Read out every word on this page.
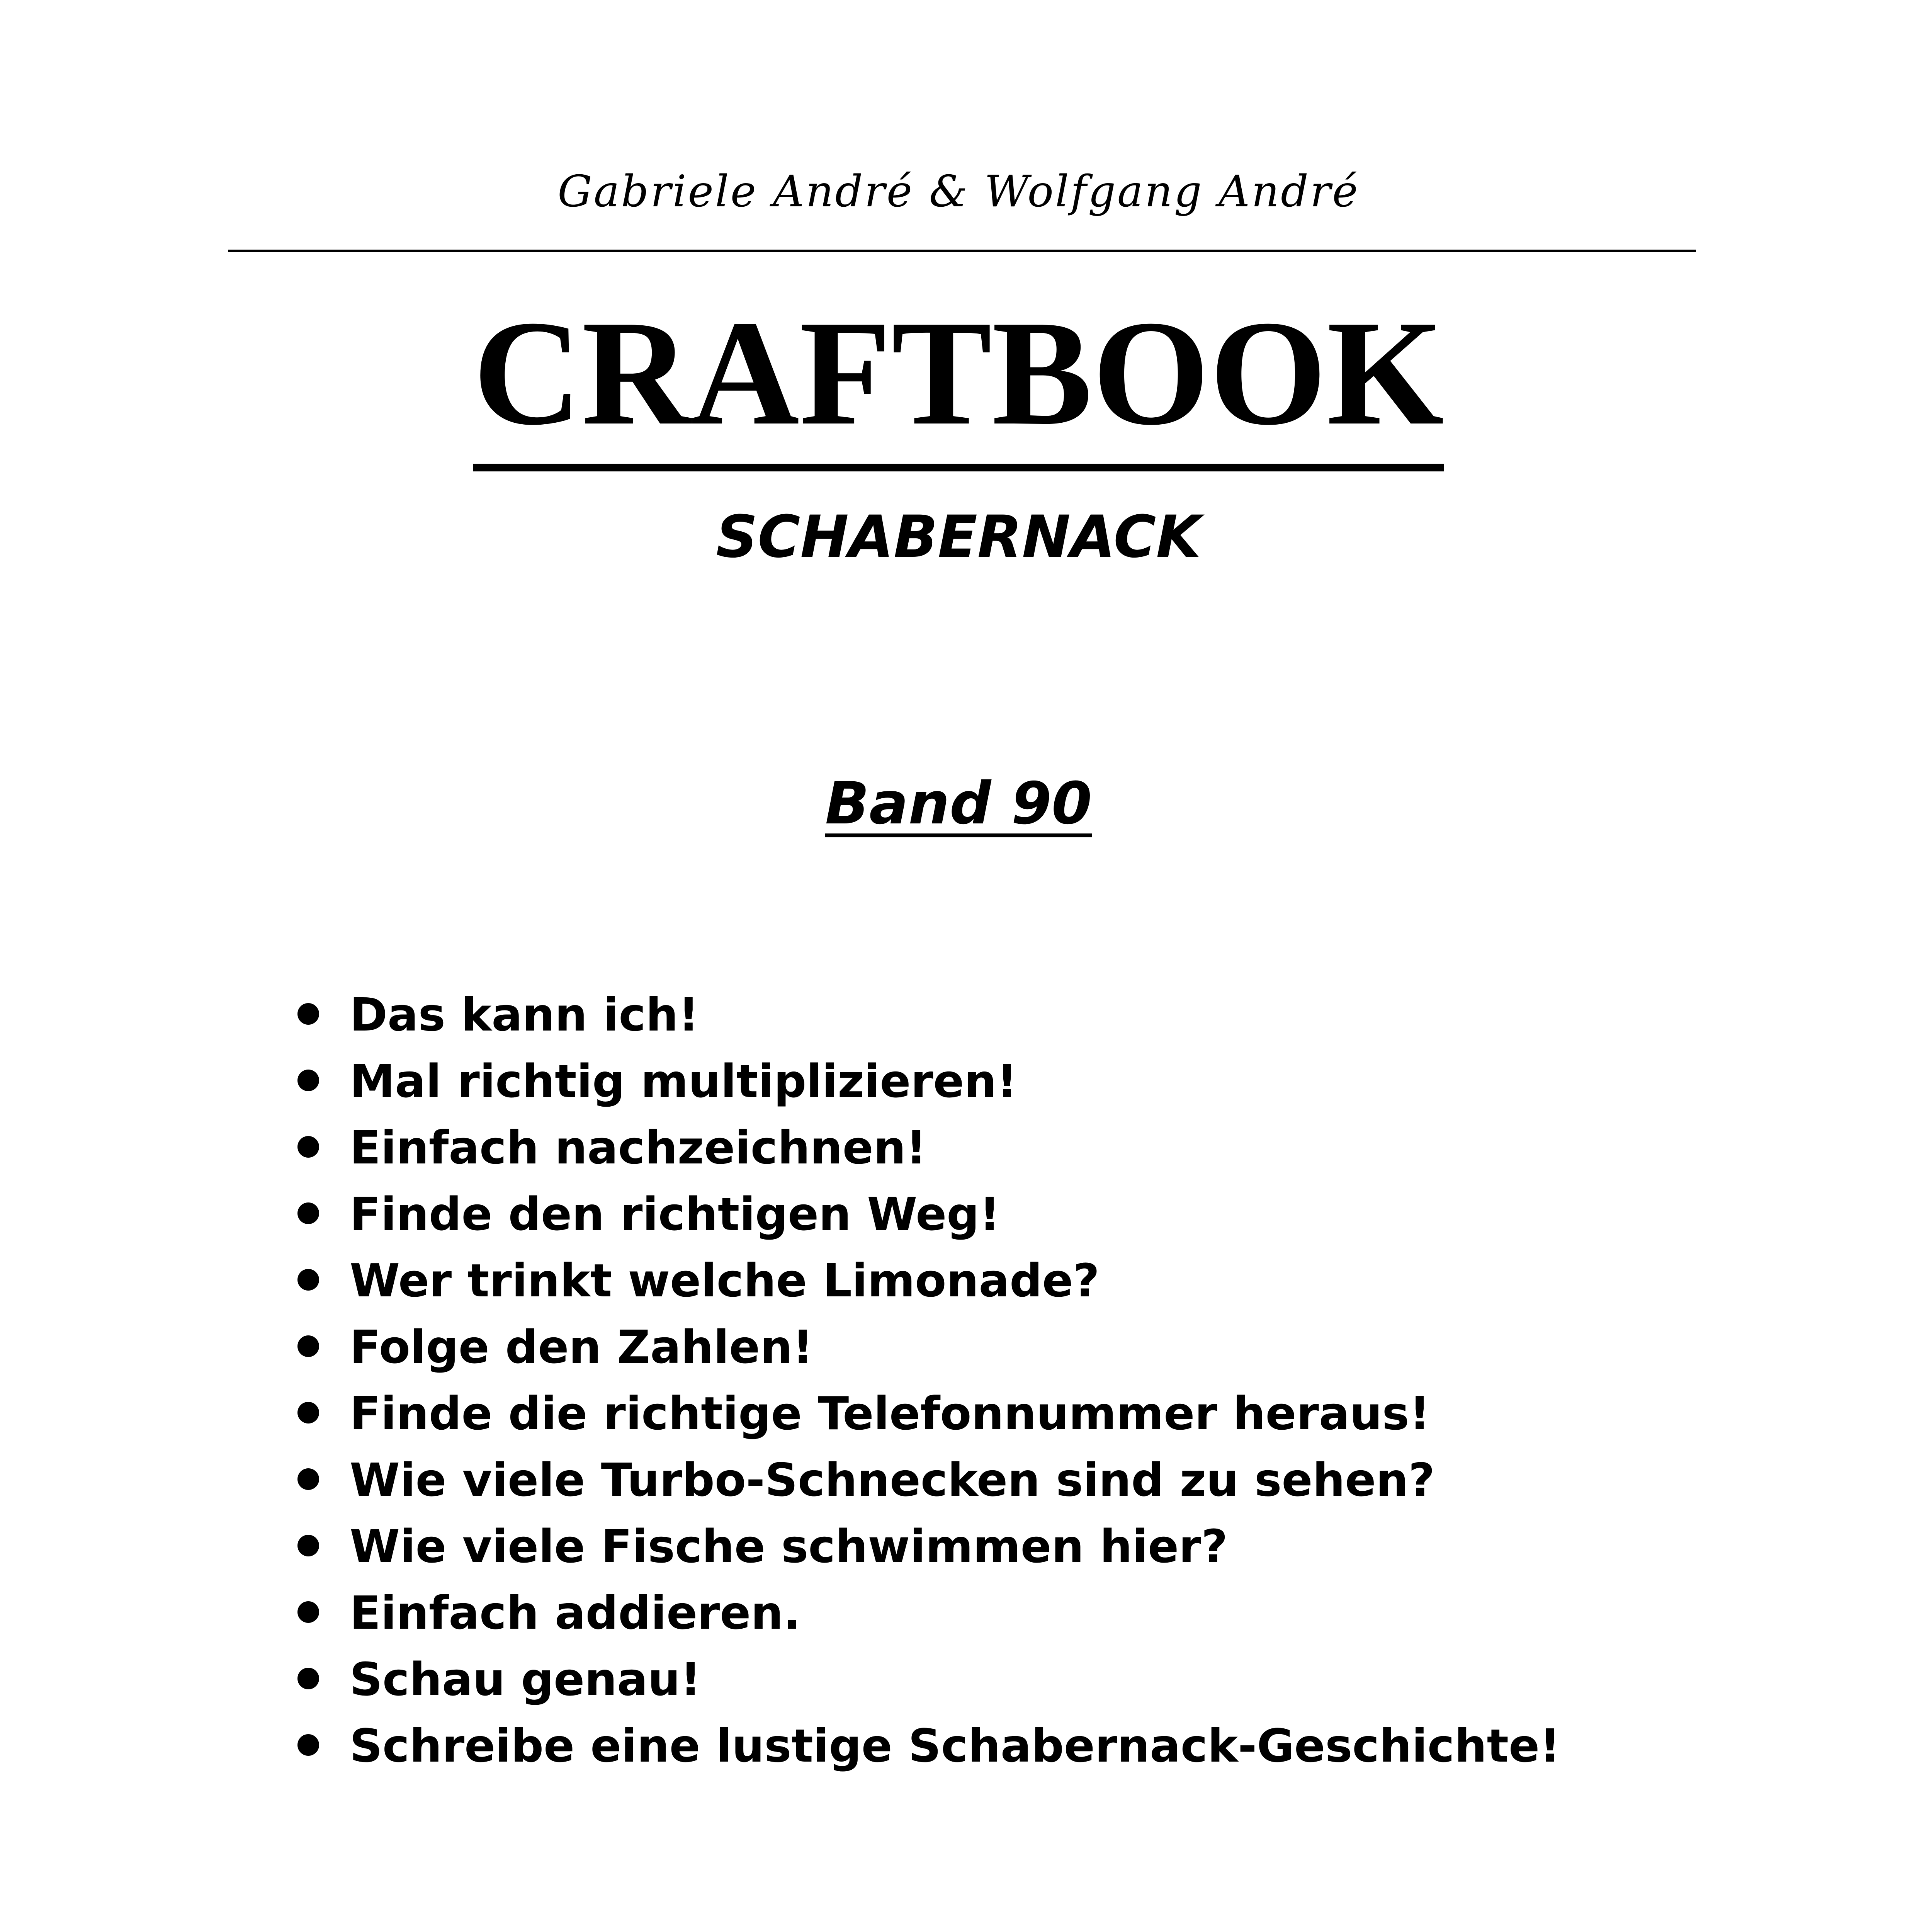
Gabriele André & Wolfgang André
CRAFTBOOK
SCHABERNACK
Band 90
Das kann ich!
Mal richtig multiplizieren!
Einfach nachzeichnen!
Finde den richtigen Weg!
Wer trinkt welche Limonade?
Folge den Zahlen!
Finde die richtige Telefonnummer heraus!
Wie viele Turbo-Schnecken sind zu sehen?
Wie viele Fische schwimmen hier?
Einfach addieren.
Schau genau!
Schreibe eine lustige Schabernack-Geschichte!
